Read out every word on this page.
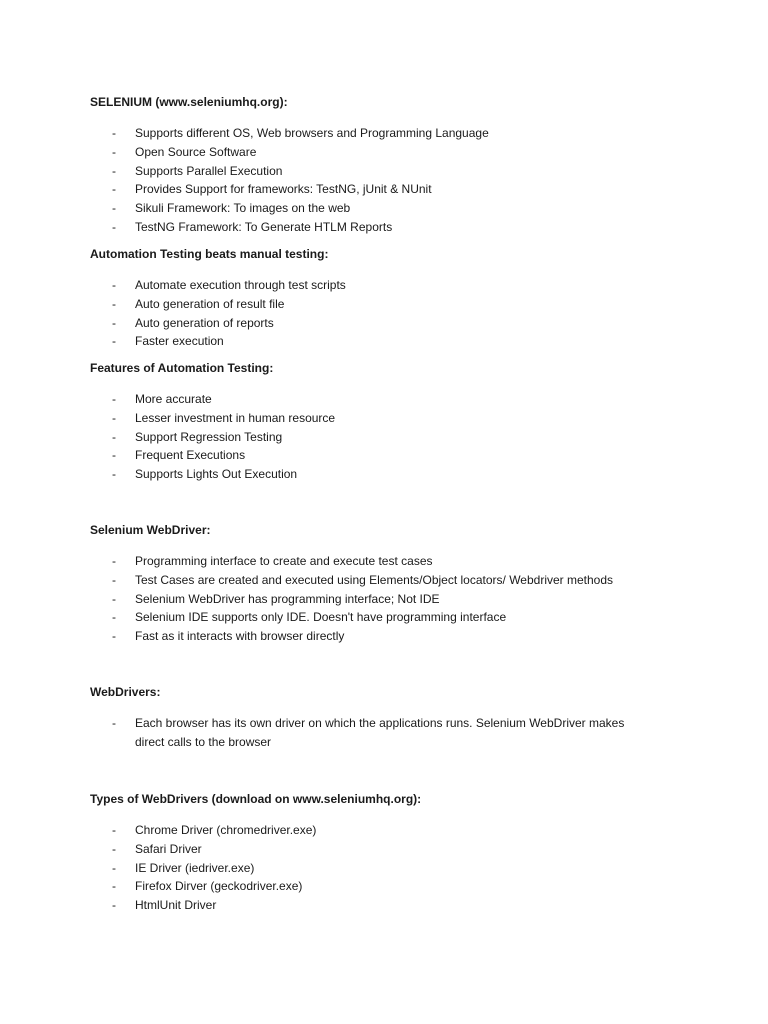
SELENIUM (www.seleniumhq.org):
- Supports different OS, Web browsers and Programming Language
- Open Source Software
- Supports Parallel Execution
- Provides Support for frameworks: TestNG, jUnit & NUnit
- Sikuli Framework: To images on the web
- TestNG Framework: To Generate HTLM Reports
Automation Testing beats manual testing:
- Automate execution through test scripts
- Auto generation of result file
- Auto generation of reports
- Faster execution
Features of Automation Testing:
- More accurate
- Lesser investment in human resource
- Support Regression Testing
- Frequent Executions
- Supports Lights Out Execution
Selenium WebDriver:
- Programming interface to create and execute test cases
- Test Cases are created and executed using Elements/Object locators/ Webdriver methods
- Selenium WebDriver has programming interface; Not IDE
- Selenium IDE supports only IDE. Doesn't have programming interface
- Fast as it interacts with browser directly
WebDrivers:
- Each browser has its own driver on which the applications runs. Selenium WebDriver makes direct calls to the browser
Types of WebDrivers (download on www.seleniumhq.org):
- Chrome Driver (chromedriver.exe)
- Safari Driver
- IE Driver (iedriver.exe)
- Firefox Dirver (geckodriver.exe)
- HtmlUnit Driver
